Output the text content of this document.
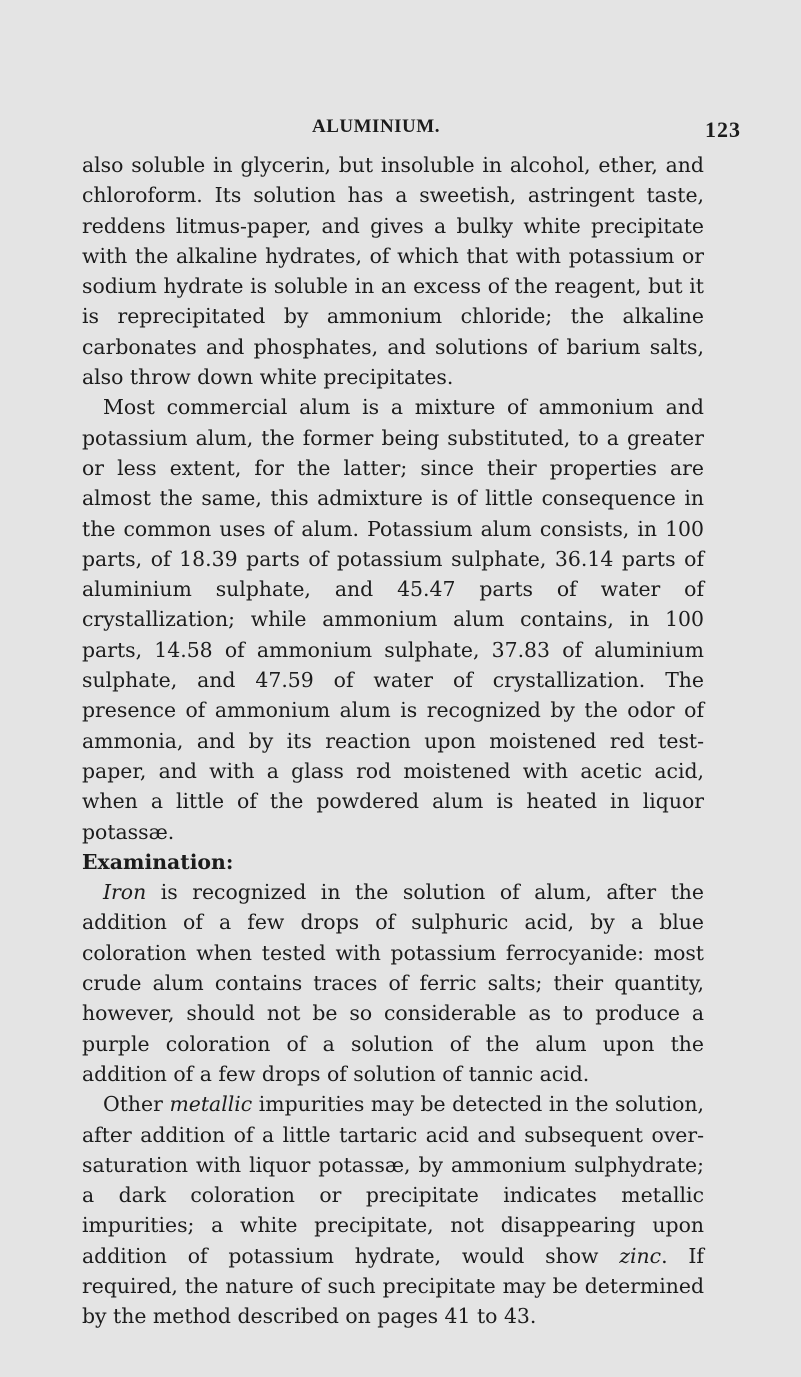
ALUMINIUM.	123

also soluble in glycerin, but insoluble in alcohol, ether, and chloroform. Its solution has a sweetish, astringent taste, reddens litmus-paper, and gives a bulky white precipitate with the alkaline hydrates, of which that with potassium or sodium hydrate is soluble in an excess of the reagent, but it is reprecipitated by ammonium chloride; the alkaline carbonates and phosphates, and solutions of barium salts, also throw down white precipitates.

Most commercial alum is a mixture of ammonium and potassium alum, the former being substituted, to a greater or less extent, for the latter; since their properties are almost the same, this admixture is of little consequence in the common uses of alum. Potassium alum consists, in 100 parts, of 18.39 parts of potassium sulphate, 36.14 parts of aluminium sulphate, and 45.47 parts of water of crystallization; while ammonium alum contains, in 100 parts, 14.58 of ammonium sulphate, 37.83 of aluminium sulphate, and 47.59 of water of crystallization. The presence of ammonium alum is recognized by the odor of ammonia, and by its reaction upon moistened red test-paper, and with a glass rod moistened with acetic acid, when a little of the powdered alum is heated in liquor potassæ.

Examination:

Iron is recognized in the solution of alum, after the addition of a few drops of sulphuric acid, by a blue coloration when tested with potassium ferrocyanide: most crude alum contains traces of ferric salts; their quantity, however, should not be so considerable as to produce a purple coloration of a solution of the alum upon the addition of a few drops of solution of tannic acid.

Other metallic impurities may be detected in the solution, after addition of a little tartaric acid and subsequent over-saturation with liquor potassæ, by ammonium sulphydrate; a dark coloration or precipitate indicates metallic impurities; a white precipitate, not disappearing upon addition of potassium hydrate, would show zinc. If required, the nature of such precipitate may be determined by the method described on pages 41 to 43.
